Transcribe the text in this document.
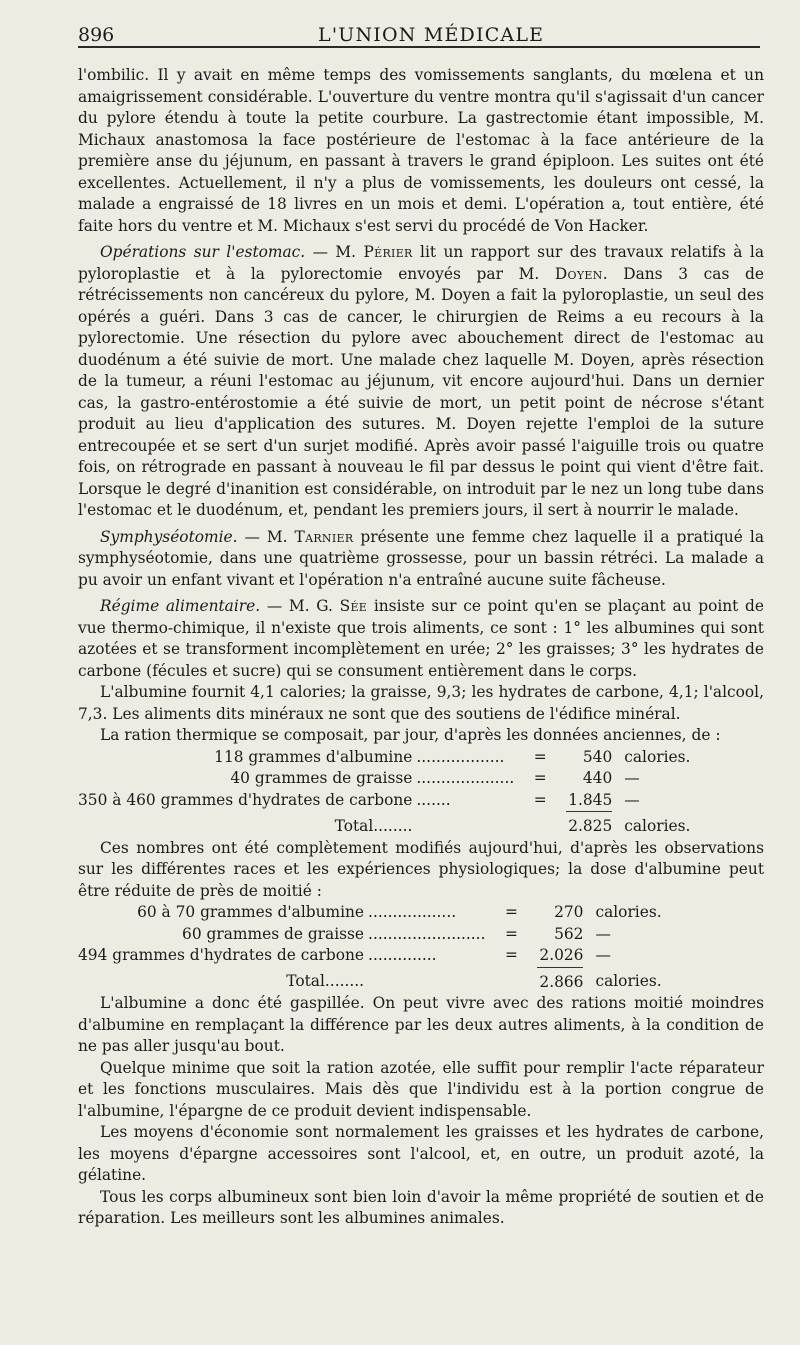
896	L'UNION MÉDICALE

l'ombilic. Il y avait en même temps des vomissements sanglants, du mœlena et un amaigrissement considérable. L'ouverture du ventre montra qu'il s'agissait d'un cancer du pylore étendu à toute la petite courbure. La gastrectomie étant impossible, M. Michaux anastomosa la face postérieure de l'estomac à la face antérieure de la première anse du jéjunum, en passant à travers le grand épiploon. Les suites ont été excellentes. Actuellement, il n'y a plus de vomissements, les douleurs ont cessé, la malade a engraissé de 18 livres en un mois et demi. L'opération a, tout entière, été faite hors du ventre et M. Michaux s'est servi du procédé de Von Hacker.

Opérations sur l'estomac. — M. Périer lit un rapport sur des travaux relatifs à la pyloroplastie et à la pylorectomie envoyés par M. Doyen. Dans 3 cas de rétrécissements non cancéreux du pylore, M. Doyen a fait la pyloroplastie, un seul des opérés a guéri. Dans 3 cas de cancer, le chirurgien de Reims a eu recours à la pylorectomie. Une résection du pylore avec abouchement direct de l'estomac au duodénum a été suivie de mort. Une malade chez laquelle M. Doyen, après résection de la tumeur, a réuni l'estomac au jéjunum, vit encore aujourd'hui. Dans un dernier cas, la gastro-entérostomie a été suivie de mort, un petit point de nécrose s'étant produit au lieu d'application des sutures. M. Doyen rejette l'emploi de la suture entrecoupée et se sert d'un surjet modifié. Après avoir passé l'aiguille trois ou quatre fois, on rétrograde en passant à nouveau le fil par dessus le point qui vient d'être fait. Lorsque le degré d'inanition est considérable, on introduit par le nez un long tube dans l'estomac et le duodénum, et, pendant les premiers jours, il sert à nourrir le malade.

Symphyséotomie. — M. Tarnier présente une femme chez laquelle il a pratiqué la symphyséotomie, dans une quatrième grossesse, pour un bassin rétréci. La malade a pu avoir un enfant vivant et l'opération n'a entraîné aucune suite fâcheuse.

Régime alimentaire. — M. G. Sée insiste sur ce point qu'en se plaçant au point de vue thermo-chimique, il n'existe que trois aliments, ce sont : 1° les albumines qui sont azotées et se transforment incomplètement en urée; 2° les graisses; 3° les hydrates de carbone (fécules et sucre) qui se consument entièrement dans le corps.

L'albumine fournit 4,1 calories; la graisse, 9,3; les hydrates de carbone, 4,1; l'alcool, 7,3. Les aliments dits minéraux ne sont que des soutiens de l'édifice minéral.

La ration thermique se composait, par jour, d'après les données anciennes, de :

118 grammes d'albumine	..................	=	540	calories.
40 grammes de graisse	....................	=	440	—
350 à 460 grammes d'hydrates de carbone	.......	=	1.845	—
Total........			2.825	calories.

Ces nombres ont été complètement modifiés aujourd'hui, d'après les observations sur les différentes races et les expériences physiologiques; la dose d'albumine peut être réduite de près de moitié :

60 à 70 grammes d'albumine	..................	=	270	calories.
60 grammes de graisse	........................	=	562	—
494 grammes d'hydrates de carbone	..............	=	2.026	—
Total........			2.866	calories.

L'albumine a donc été gaspillée. On peut vivre avec des rations moitié moindres d'albumine en remplaçant la différence par les deux autres aliments, à la condition de ne pas aller jusqu'au bout.

Quelque minime que soit la ration azotée, elle suffit pour remplir l'acte réparateur et les fonctions musculaires. Mais dès que l'individu est à la portion congrue de l'albumine, l'épargne de ce produit devient indispensable.

Les moyens d'économie sont normalement les graisses et les hydrates de carbone, les moyens d'épargne accessoires sont l'alcool, et, en outre, un produit azoté, la gélatine.

Tous les corps albumineux sont bien loin d'avoir la même propriété de soutien et de réparation. Les meilleurs sont les albumines animales.
